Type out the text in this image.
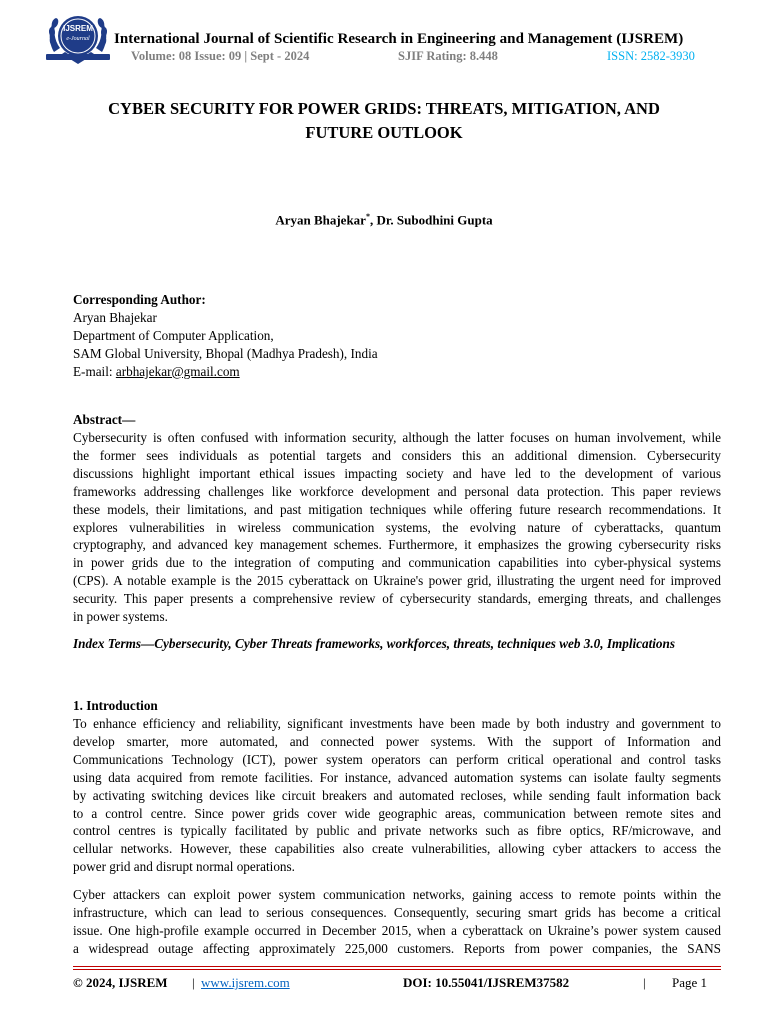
IJSREM
e-Journal International Journal of Scientific Research in Engineering and Management (IJSREM)
Volume: 08 Issue: 09 | Sept - 2024	SJIF Rating: 8.448	ISSN: 2582-3930
CYBER SECURITY FOR POWER GRIDS: THREATS, MITIGATION, AND
FUTURE OUTLOOK
Aryan Bhajekar*, Dr. Subodhini Gupta
Corresponding Author:
Aryan Bhajekar
Department of Computer Application,
SAM Global University, Bhopal (Madhya Pradesh), India
E-mail: arbhajekar@gmail.com
Abstract—
Cybersecurity is often confused with information security, although the latter focuses on human involvement, while
the former sees individuals as potential targets and considers this an additional dimension. Cybersecurity
discussions highlight important ethical issues impacting society and have led to the development of various
frameworks addressing challenges like workforce development and personal data protection. This paper reviews
these models, their limitations, and past mitigation techniques while offering future research recommendations. It
explores vulnerabilities in wireless communication systems, the evolving nature of cyberattacks, quantum
cryptography, and advanced key management schemes. Furthermore, it emphasizes the growing cybersecurity risks
in power grids due to the integration of computing and communication capabilities into cyber-physical systems
(CPS). A notable example is the 2015 cyberattack on Ukraine's power grid, illustrating the urgent need for improved
security. This paper presents a comprehensive review of cybersecurity standards, emerging threats, and challenges
in power systems.
Index Terms—Cybersecurity, Cyber Threats frameworks, workforces, threats, techniques web 3.0, Implications
1. Introduction
To enhance efficiency and reliability, significant investments have been made by both industry and government to
develop smarter, more automated, and connected power systems. With the support of Information and
Communications Technology (ICT), power system operators can perform critical operational and control tasks
using data acquired from remote facilities. For instance, advanced automation systems can isolate faulty segments
by activating switching devices like circuit breakers and automated recloses, while sending fault information back
to a control centre. Since power grids cover wide geographic areas, communication between remote sites and
control centres is typically facilitated by public and private networks such as fibre optics, RF/microwave, and
cellular networks. However, these capabilities also create vulnerabilities, allowing cyber attackers to access the
power grid and disrupt normal operations.
Cyber attackers can exploit power system communication networks, gaining access to remote points within the
infrastructure, which can lead to serious consequences. Consequently, securing smart grids has become a critical
issue. One high-profile example occurred in December 2015, when a cyberattack on Ukraine’s power system caused
a widespread outage affecting approximately 225,000 customers. Reports from power companies, the SANS
© 2024, IJSREM | www.ijsrem.com	DOI: 10.55041/IJSREM37582	| Page 1
